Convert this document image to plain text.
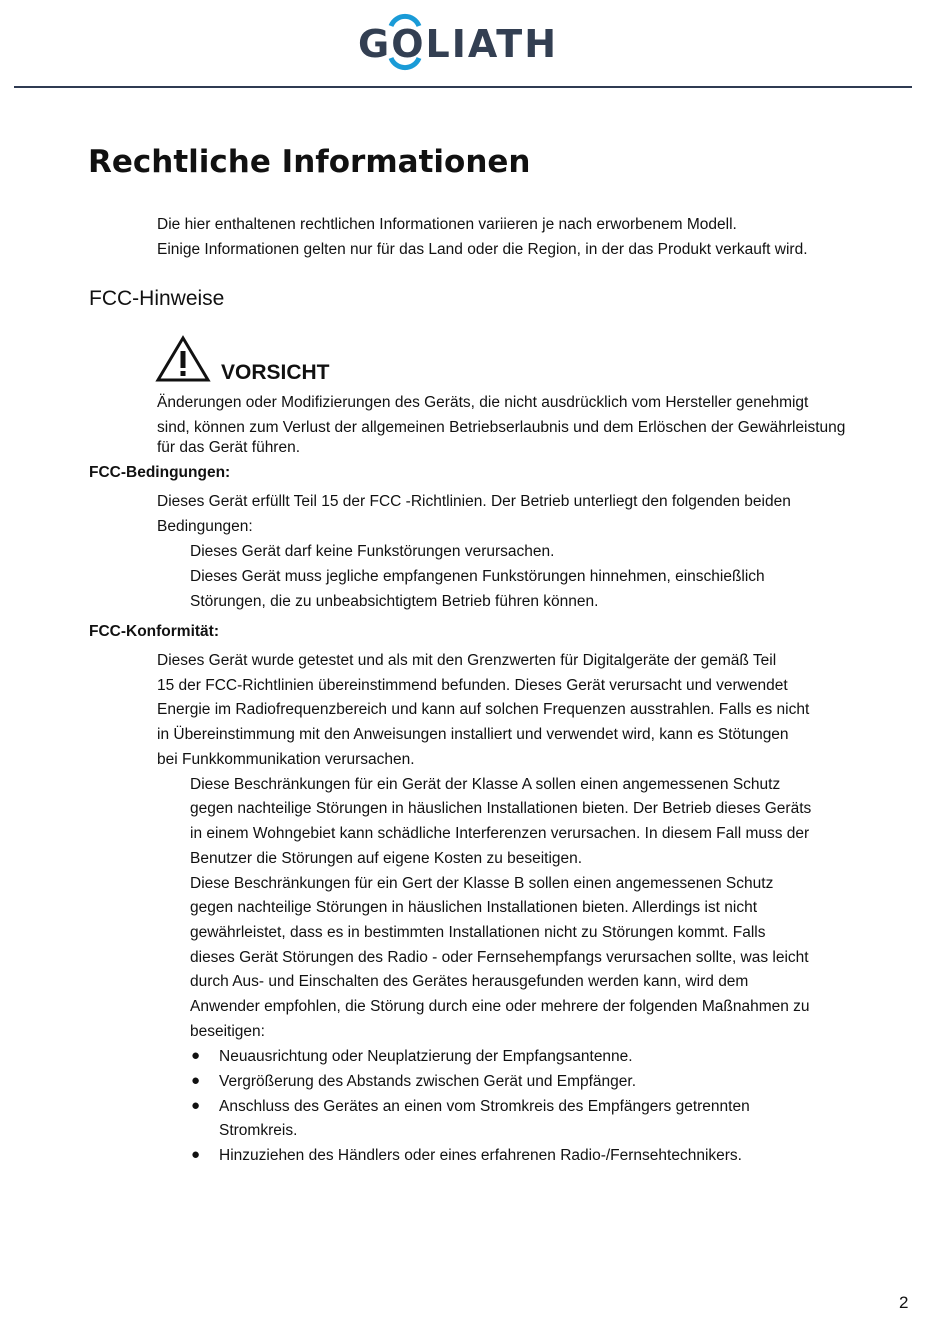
GOLIATH
Rechtliche Informationen
Die hier enthaltenen rechtlichen Informationen variieren je nach erworbenem Modell.
Einige Informationen gelten nur für das Land oder die Region, in der das Produkt verkauft wird.
FCC-Hinweise
VORSICHT
Änderungen oder Modifizierungen des Geräts, die nicht ausdrücklich vom Hersteller genehmigt
sind, können zum Verlust der allgemeinen Betriebserlaubnis und dem Erlöschen der Gewährleistung
für das Gerät führen.
FCC-Bedingungen:
Dieses Gerät erfüllt Teil 15 der FCC -Richtlinien. Der Betrieb unterliegt den folgenden beiden
Bedingungen:
Dieses Gerät darf keine Funkstörungen verursachen.
Dieses Gerät muss jegliche empfangenen Funkstörungen hinnehmen, einschießlich
Störungen, die zu unbeabsichtigtem Betrieb führen können.
FCC-Konformität:
Dieses Gerät wurde getestet und als mit den Grenzwerten für Digitalgeräte der gemäß Teil
15 der FCC-Richtlinien übereinstimmend befunden. Dieses Gerät verursacht und verwendet
Energie im Radiofrequenzbereich und kann auf solchen Frequenzen ausstrahlen. Falls es nicht
in Übereinstimmung mit den Anweisungen installiert und verwendet wird, kann es Stötungen
bei Funkkommunikation verursachen.
Diese Beschränkungen für ein Gerät der Klasse A sollen einen angemessenen Schutz
gegen nachteilige Störungen in häuslichen Installationen bieten. Der Betrieb dieses Geräts
in einem Wohngebiet kann schädliche Interferenzen verursachen. In diesem Fall muss der
Benutzer die Störungen auf eigene Kosten zu beseitigen.
Diese Beschränkungen für ein Gert der Klasse B sollen einen angemessenen Schutz
gegen nachteilige Störungen in häuslichen Installationen bieten. Allerdings ist nicht
gewährleistet, dass es in bestimmten Installationen nicht zu Störungen kommt. Falls
dieses Gerät Störungen des Radio - oder Fernsehempfangs verursachen sollte, was leicht
durch Aus- und Einschalten des Gerätes herausgefunden werden kann, wird dem
Anwender empfohlen, die Störung durch eine oder mehrere der folgenden Maßnahmen zu
beseitigen:
● Neuausrichtung oder Neuplatzierung der Empfangsantenne.
● Vergrößerung des Abstands zwischen Gerät und Empfänger.
● Anschluss des Gerätes an einen vom Stromkreis des Empfängers getrennten
Stromkreis.
● Hinzuziehen des Händlers oder eines erfahrenen Radio-/Fernsehtechnikers.
2
